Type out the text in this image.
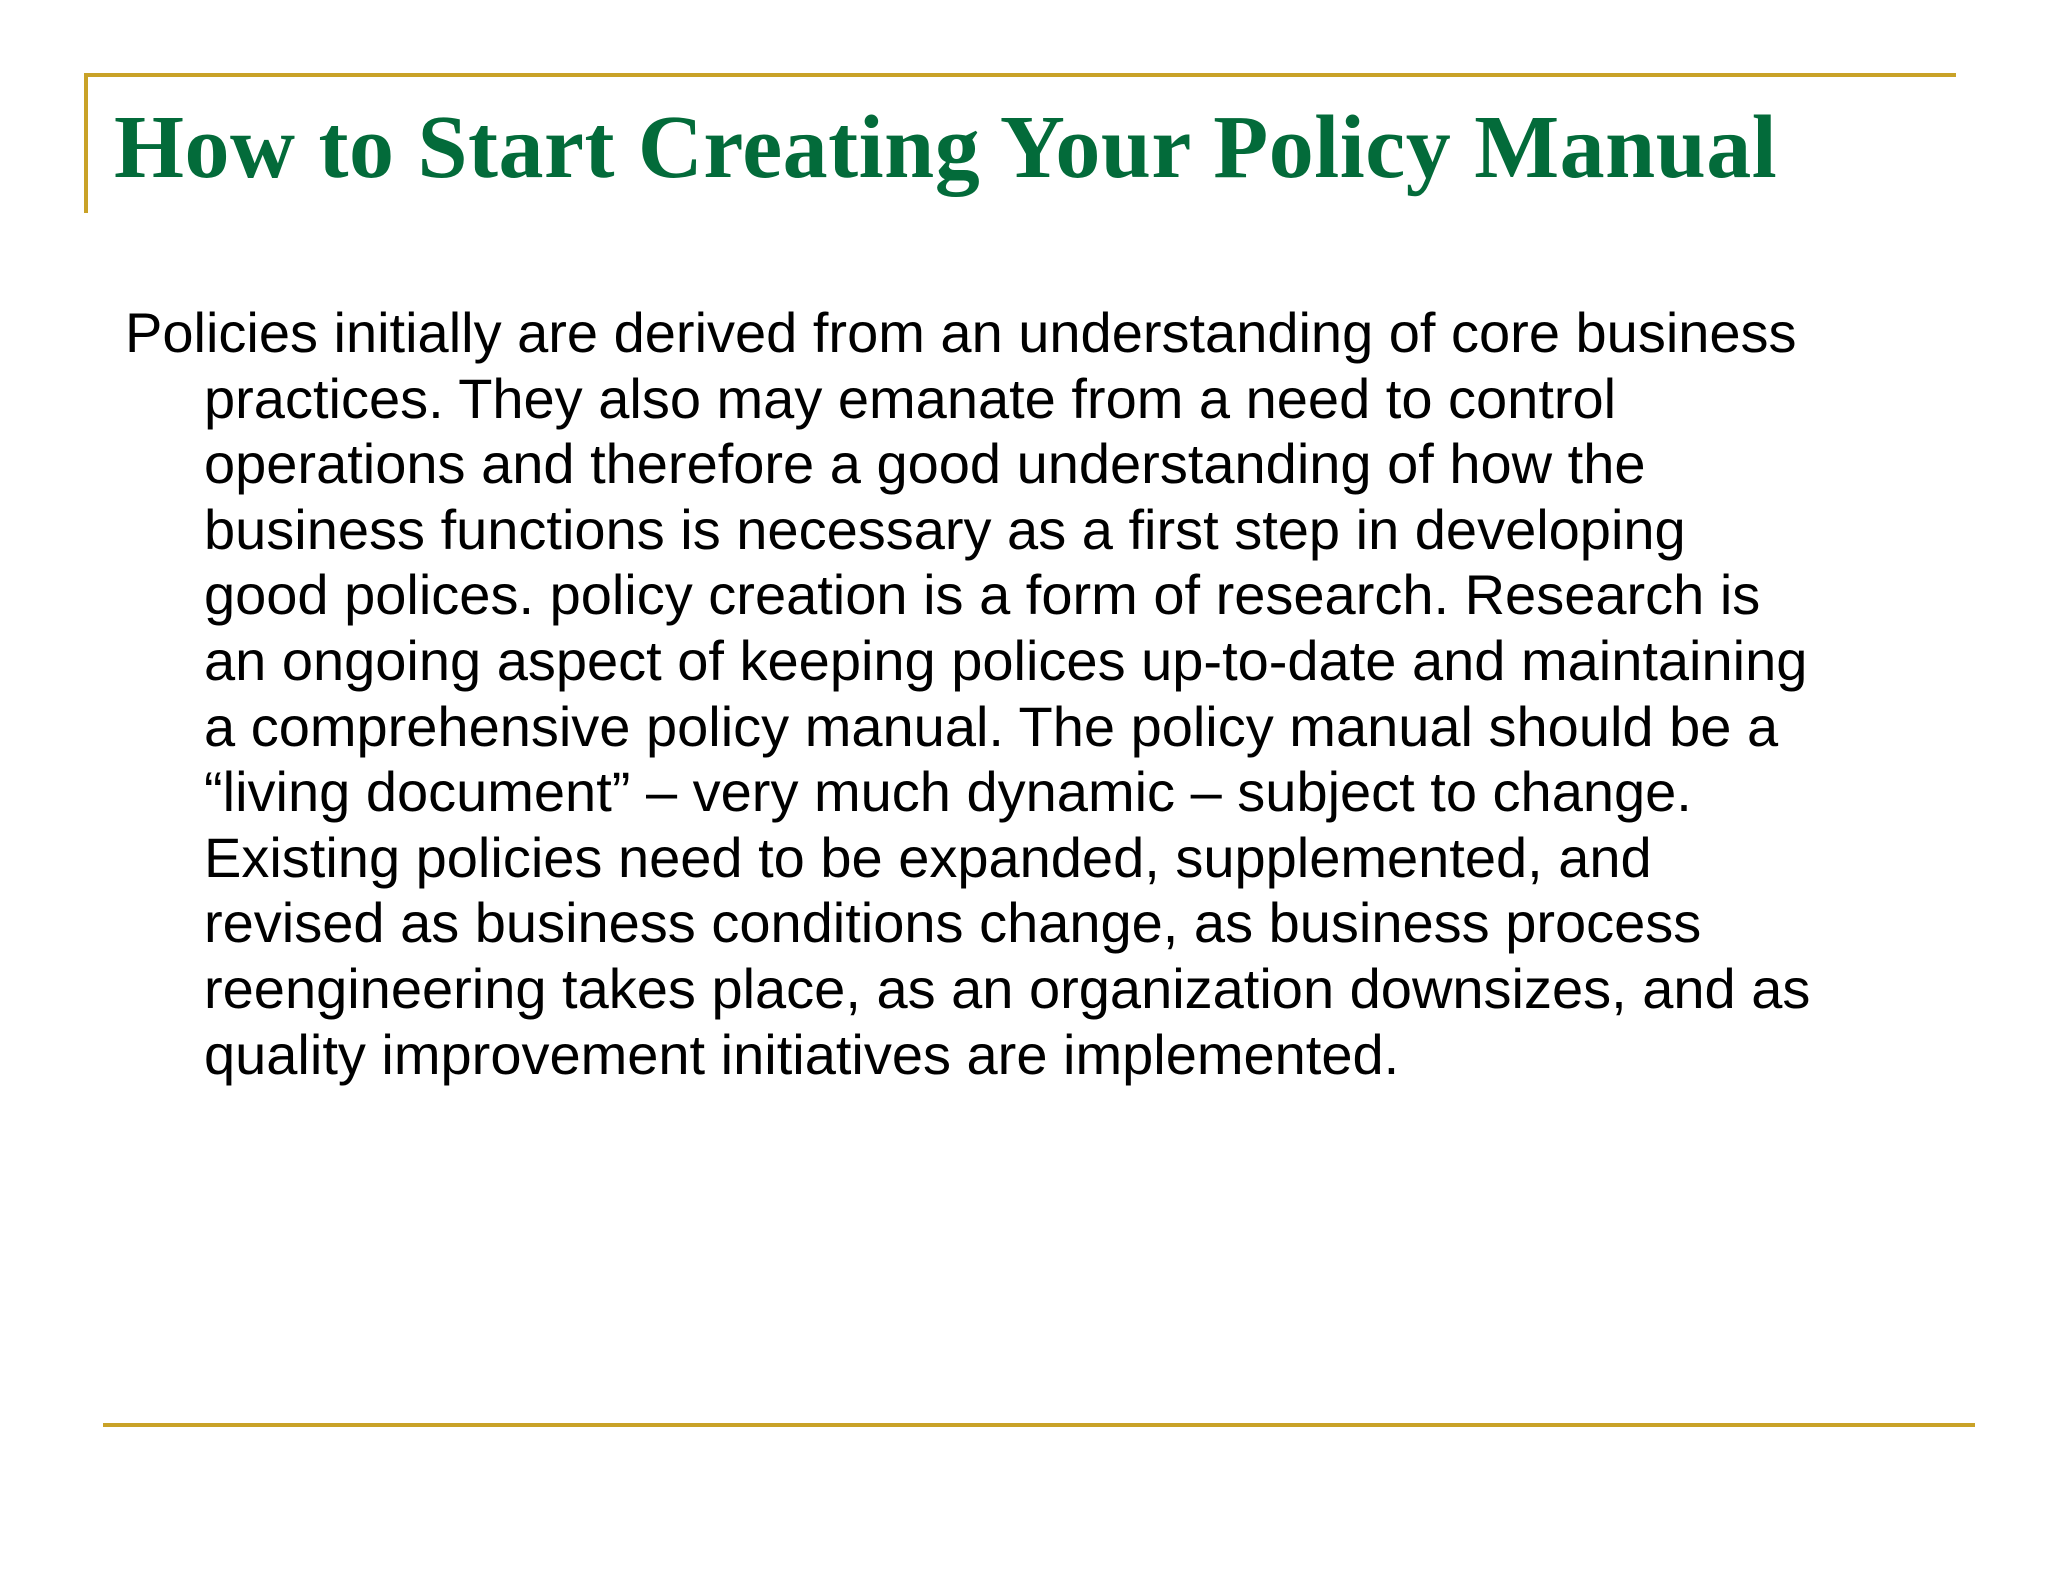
How to Start Creating Your Policy Manual
Policies initially are derived from an understanding of core business
practices. They also may emanate from a need to control
operations and therefore a good understanding of how the
business functions is necessary as a first step in developing
good polices. policy creation is a form of research. Research is
an ongoing aspect of keeping polices up-to-date and maintaining
a comprehensive policy manual. The policy manual should be a
“living document” – very much dynamic – subject to change.
Existing policies need to be expanded, supplemented, and
revised as business conditions change, as business process
reengineering takes place, as an organization downsizes, and as
quality improvement initiatives are implemented.
